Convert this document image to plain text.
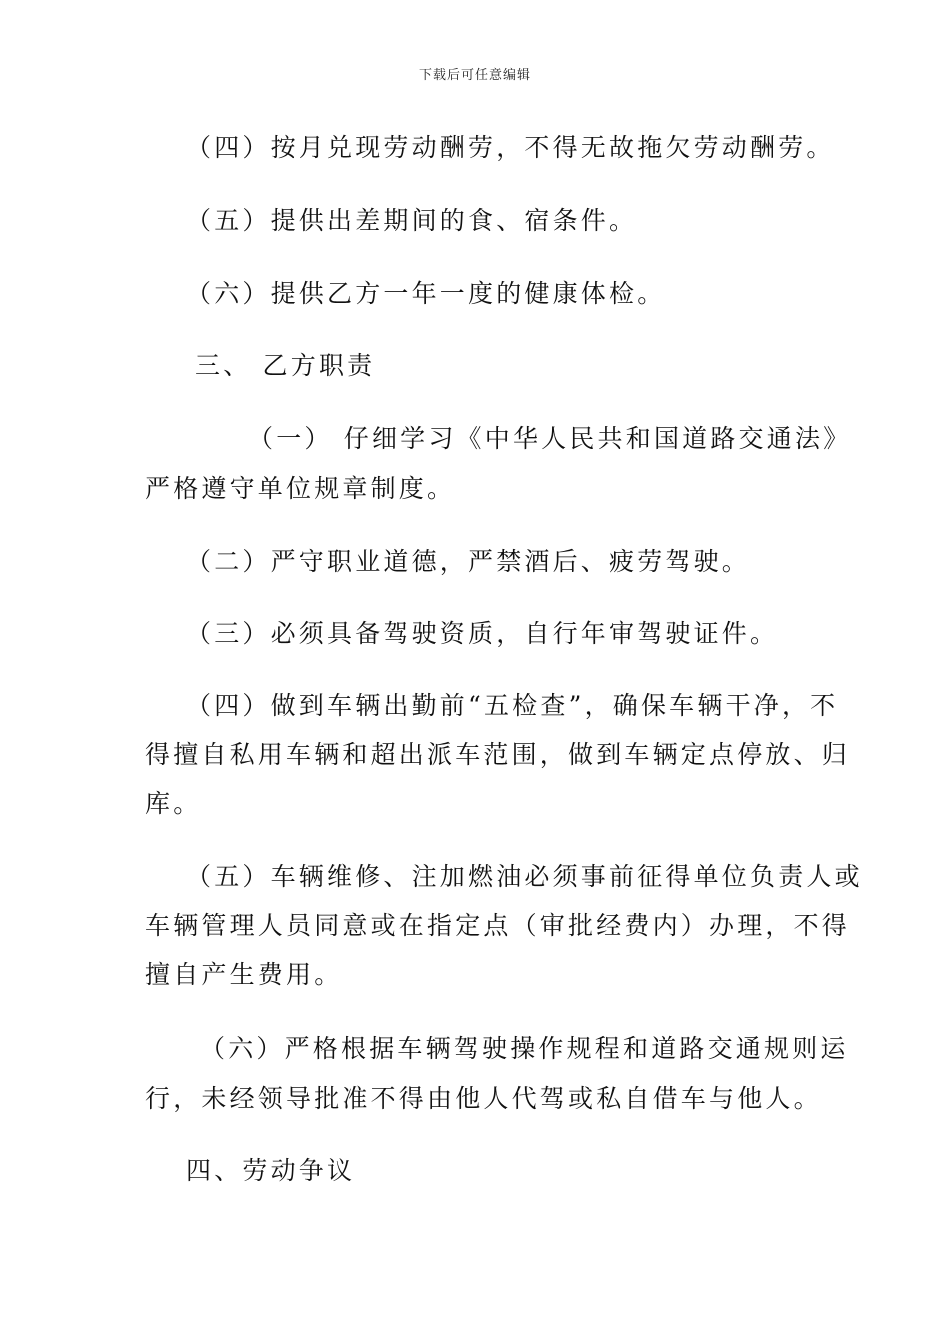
下载后可任意编辑
（四）按月兑现劳动酬劳，不得无故拖欠劳动酬劳。
（五）提供出差期间的食、宿条件。
（六）提供乙方一年一度的健康体检。
三、 乙方职责
（一） 仔细学习《中华人民共和国道路交通法》
严格遵守单位规章制度。
（二）严守职业道德，严禁酒后、疲劳驾驶。
（三）必须具备驾驶资质，自行年审驾驶证件。
（四）做到车辆出勤前“五检查”，确保车辆干净，不
得擅自私用车辆和超出派车范围，做到车辆定点停放、归
库。
（五）车辆维修、注加燃油必须事前征得单位负责人或
车辆管理人员同意或在指定点（审批经费内）办理，不得
擅自产生费用。
（六）严格根据车辆驾驶操作规程和道路交通规则运
行，未经领导批准不得由他人代驾或私自借车与他人。
四、劳动争议
